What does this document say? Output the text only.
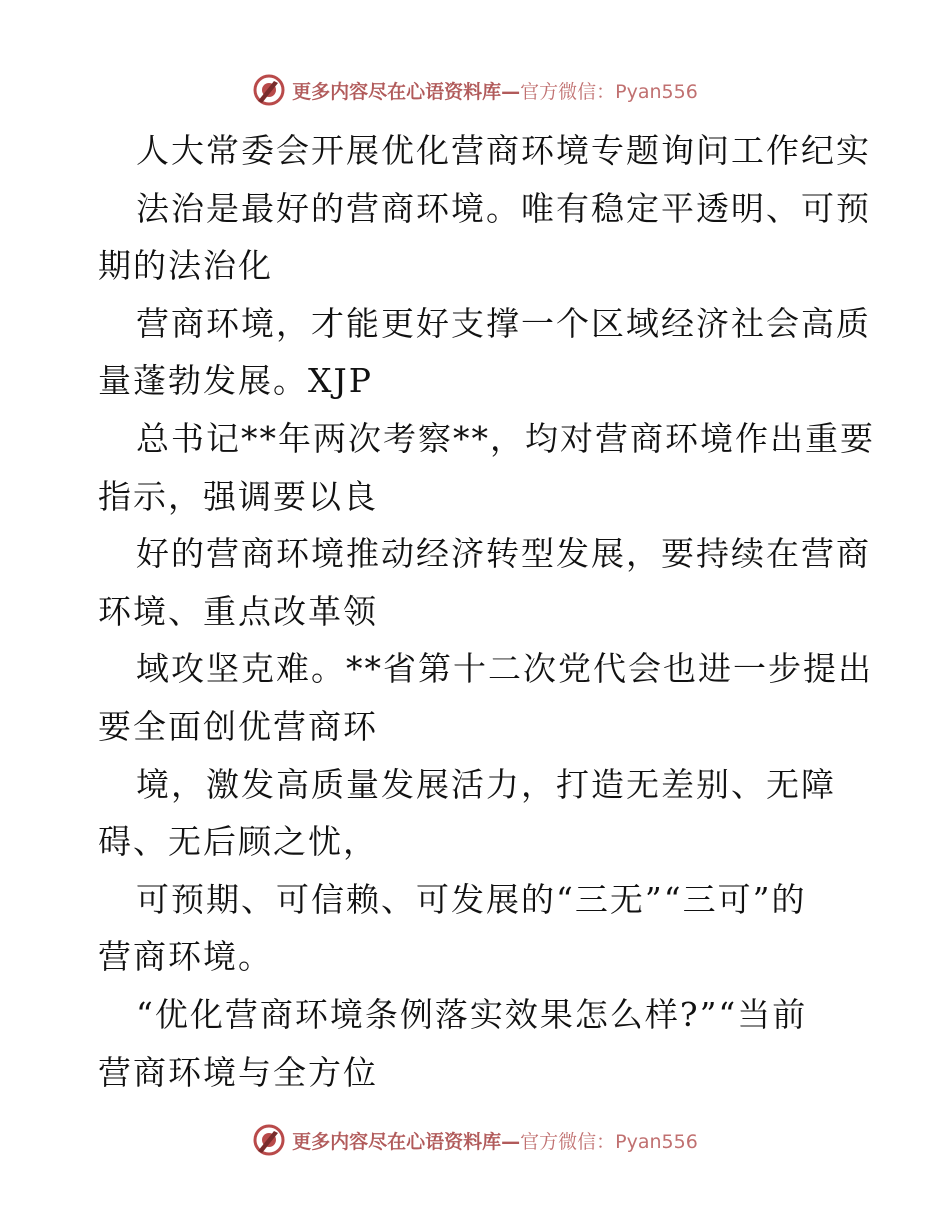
更多内容尽在心语资料库—官方微信：Pyan556
人大常委会开展优化营商环境专题询问工作纪实
法治是最好的营商环境。唯有稳定平透明、可预
期的法治化
营商环境，才能更好支撑一个区域经济社会高质
量蓬勃发展。XJP
总书记**年两次考察**，均对营商环境作出重要
指示，强调要以良
好的营商环境推动经济转型发展，要持续在营商
环境、重点改革领
域攻坚克难。**省第十二次党代会也进一步提出
要全面创优营商环
境，激发高质量发展活力，打造无差别、无障
碍、无后顾之忧，
可预期、可信赖、可发展的“三无”“三可”的
营商环境。
“优化营商环境条例落实效果怎么样?”“当前
营商环境与全方位
更多内容尽在心语资料库—官方微信：Pyan556
